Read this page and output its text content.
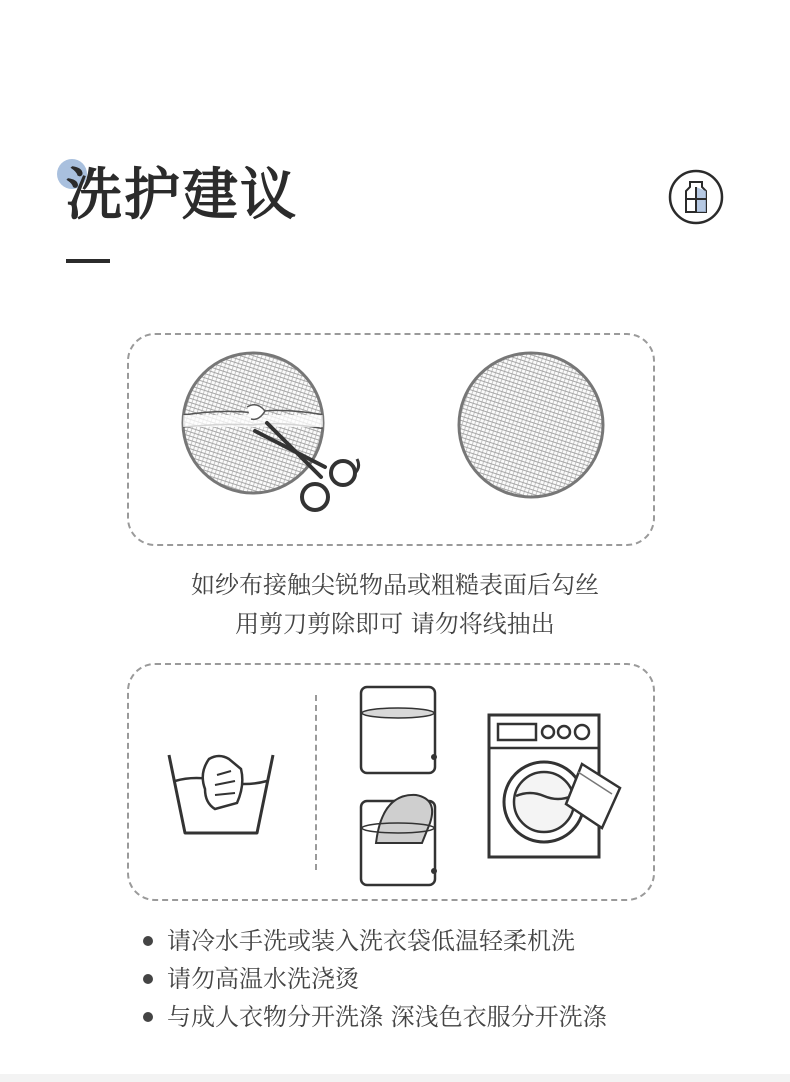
洗护建议

如纱布接触尖锐物品或粗糙表面后勾丝

用剪刀剪除即可 请勿将线抽出

请冷水手洗或装入洗衣袋低温轻柔机洗
请勿高温水洗浇烫
与成人衣物分开洗涤 深浅色衣服分开洗涤
